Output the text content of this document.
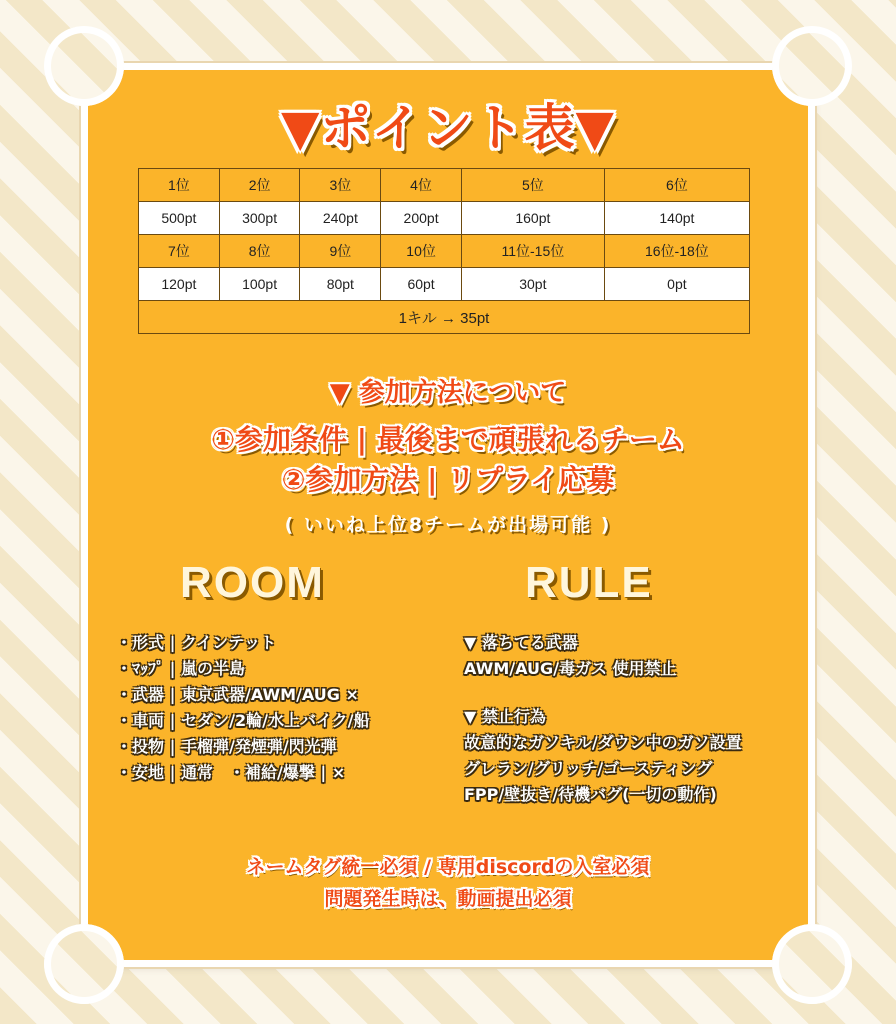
▼ポイント表▼
1位	2位	3位	4位	5位	6位
500pt	300pt	240pt	200pt	160pt	140pt
7位	8位	9位	10位	11位-15位	16位-18位
120pt	100pt	80pt	60pt	30pt	0pt
1キル → 35pt					
▼ 参加方法について
①参加条件 | 最後まで頑張れるチーム
②参加方法 | リプライ応募
( いいね上位8チームが出場可能 )
ROOM	RULE
・形式 | クインテット
・ﾏｯﾌﾟ | 嵐の半島
・武器 | 東京武器/AWM/AUG ×
・車両 | セダン/2輪/水上バイク/船
・投物 | 手榴弾/発煙弾/閃光弾
・安地 | 通常　・補給/爆撃 | ×
▼ 落ちてる武器
AWM/AUG/毒ガス 使用禁止
▼ 禁止行為
故意的なガソキル/ダウン中のガソ設置
グレラン/グリッチ/ゴースティング
FPP/壁抜き/待機バグ(一切の動作)
ネームタグ統一必須 / 専用discordの入室必須
問題発生時は、動画提出必須
